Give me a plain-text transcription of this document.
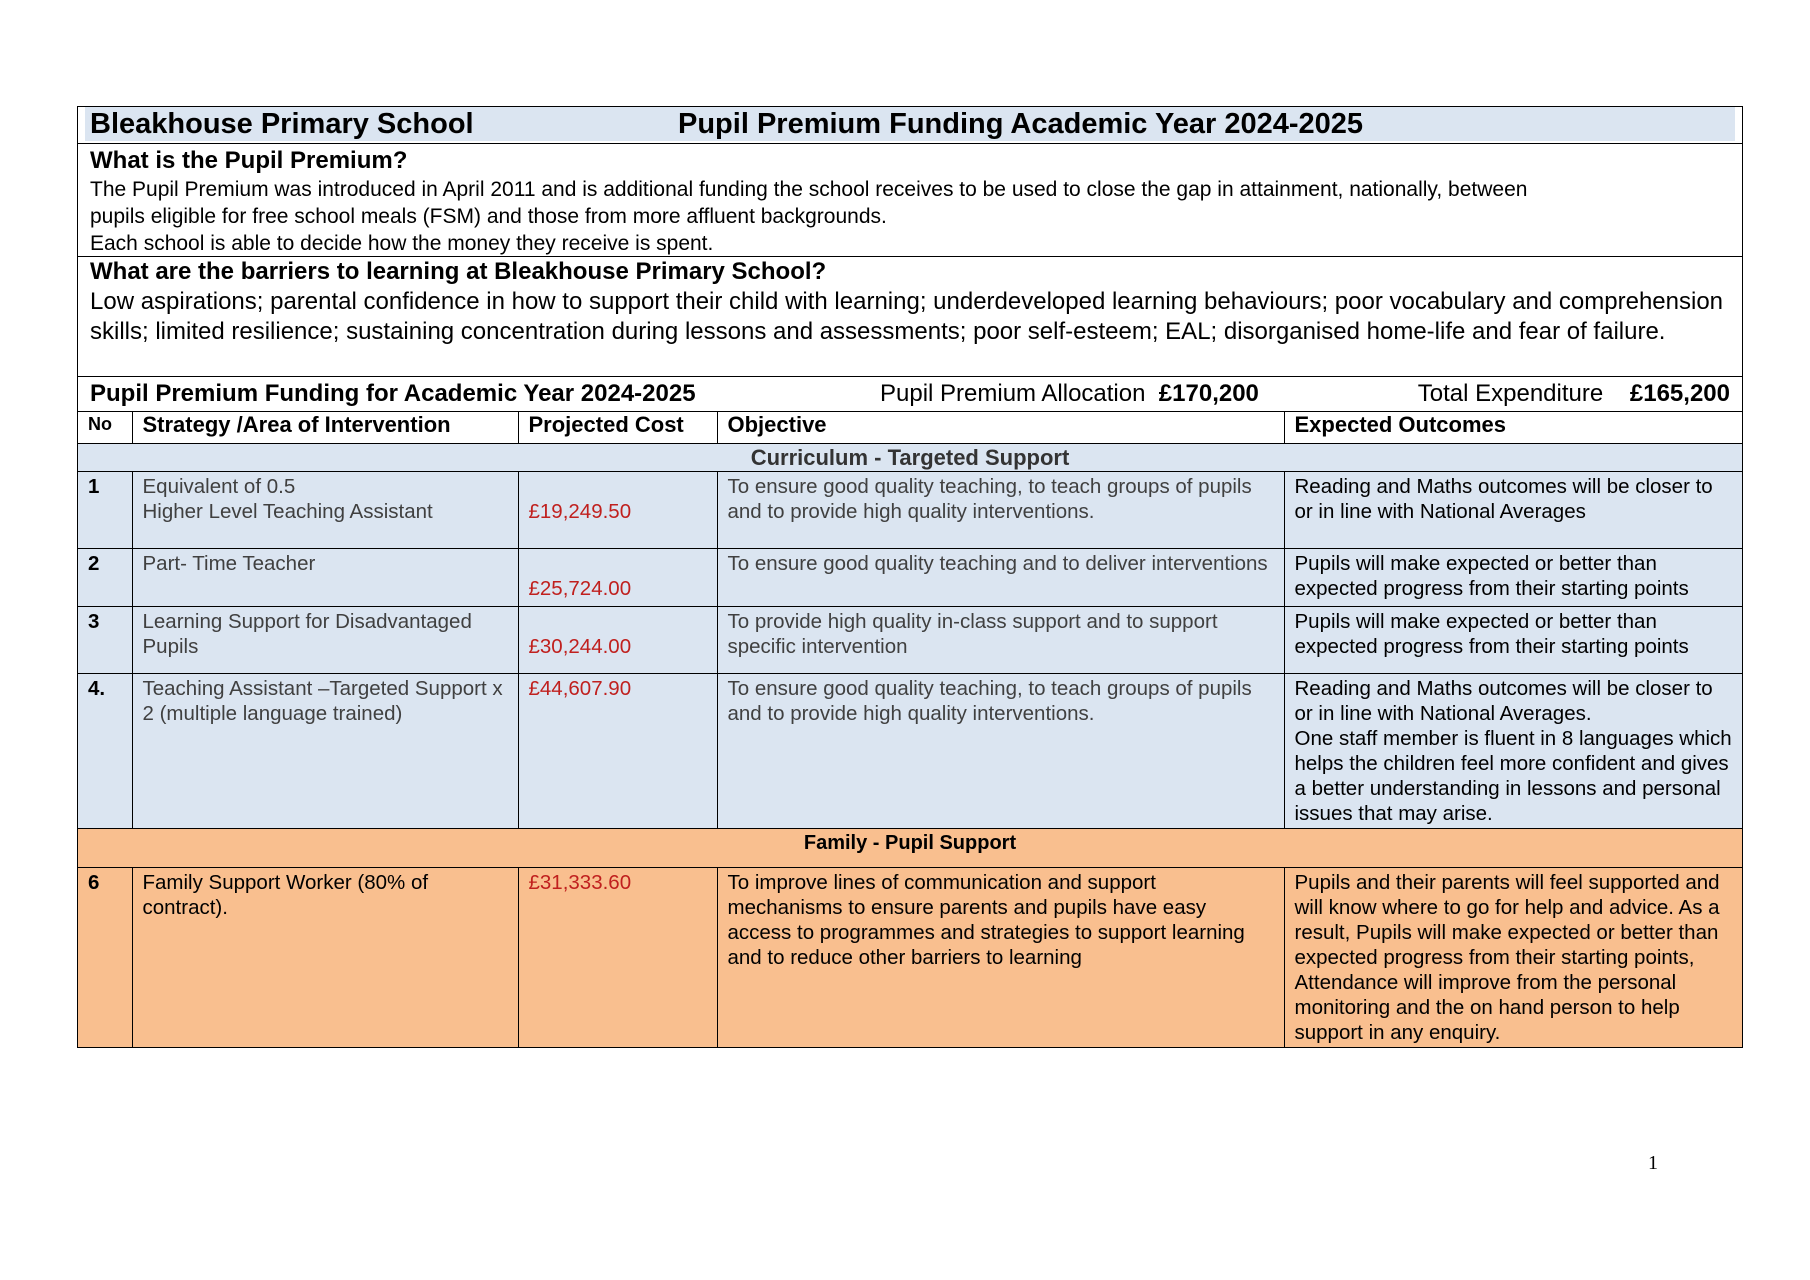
Bleakhouse Primary School	Pupil Premium Funding Academic Year 2024-2025
What is the Pupil Premium?

The Pupil Premium was introduced in April 2011 and is additional funding the school receives to be used to close the gap in attainment, nationally, between

pupils eligible for free school meals (FSM) and those from more affluent backgrounds.

Each school is able to decide how the money they receive is spent.

What are the barriers to learning at Bleakhouse Primary School?

Low aspirations; parental confidence in how to support their child with learning; underdeveloped learning behaviours; poor vocabulary and comprehension skills; limited resilience; sustaining concentration during lessons and assessments; poor self-esteem; EAL; disorganised home-life and fear of failure.

Pupil Premium Funding for Academic Year 2024-2025	Pupil Premium Allocation £170,200	Total Expenditure £165,200
No	Strategy /Area of Intervention	Projected Cost	Objective	Expected Outcomes
Curriculum - Targeted Support				
1	Equivalent of 0.5
Higher Level Teaching Assistant	£19,249.50	To ensure good quality teaching, to teach groups of pupils and to provide high quality interventions.	Reading and Maths outcomes will be closer to or in line with National Averages
2	Part- Time Teacher	£25,724.00	To ensure good quality teaching and to deliver interventions	Pupils will make expected or better than expected progress from their starting points
3	Learning Support for Disadvantaged Pupils	£30,244.00	To provide high quality in-class support and to support specific intervention	Pupils will make expected or better than expected progress from their starting points
4.	Teaching Assistant –Targeted Support x 2 (multiple language trained)	£44,607.90	To ensure good quality teaching, to teach groups of pupils and to provide high quality interventions.	Reading and Maths outcomes will be closer to or in line with National Averages.
One staff member is fluent in 8 languages which helps the children feel more confident and gives a better understanding in lessons and personal issues that may arise.

Family - Pupil Support				
6	Family Support Worker (80% of contract).	£31,333.60	To improve lines of communication and support mechanisms to ensure parents and pupils have easy access to programmes and strategies to support learning and to reduce other barriers to learning	Pupils and their parents will feel supported and will know where to go for help and advice. As a result, Pupils will make expected or better than expected progress from their starting points, Attendance will improve from the personal monitoring and the on hand person to help support in any enquiry.
1
